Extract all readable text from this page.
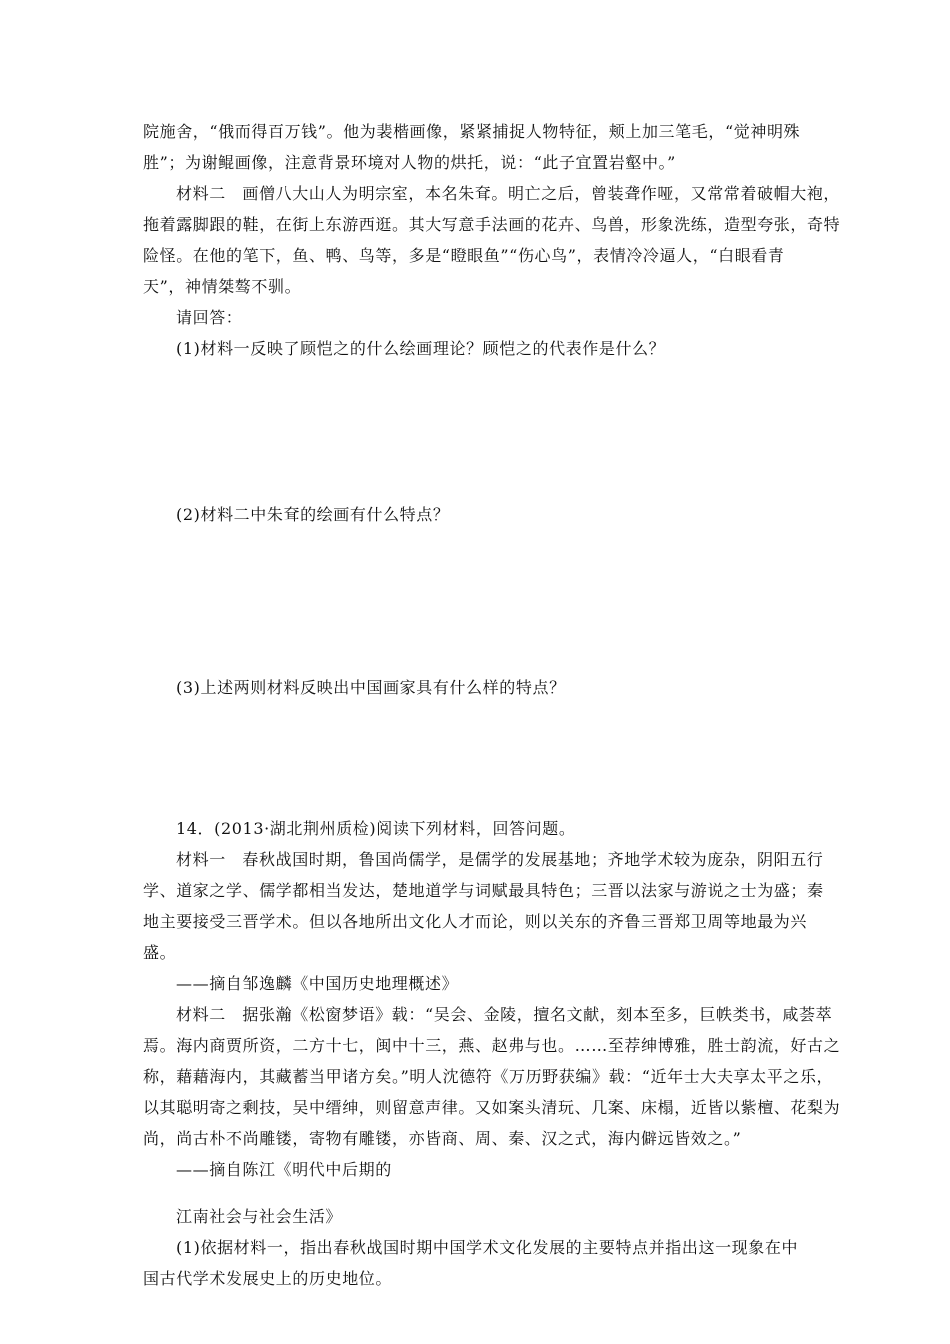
院施舍，“俄而得百万钱”。他为裴楷画像，紧紧捕捉人物特征，颊上加三笔毛，“觉神明殊
胜”；为谢鲲画像，注意背景环境对人物的烘托，说：“此子宜置岩壑中。”
材料二　画僧八大山人为明宗室，本名朱耷。明亡之后，曾装聋作哑，又常常着破帽大袍，
拖着露脚跟的鞋，在街上东游西逛。其大写意手法画的花卉、鸟兽，形象洗练，造型夸张，奇特
险怪。在他的笔下，鱼、鸭、鸟等，多是“瞪眼鱼”“伤心鸟”，表情冷冷逼人，“白眼看青
天”，神情桀骜不驯。
请回答：
(1)材料一反映了顾恺之的什么绘画理论？顾恺之的代表作是什么？
(2)材料二中朱耷的绘画有什么特点？
(3)上述两则材料反映出中国画家具有什么样的特点？
14．(2013·湖北荆州质检)阅读下列材料，回答问题。
材料一　春秋战国时期，鲁国尚儒学，是儒学的发展基地；齐地学术较为庞杂，阴阳五行
学、道家之学、儒学都相当发达，楚地道学与词赋最具特色；三晋以法家与游说之士为盛；秦
地主要接受三晋学术。但以各地所出文化人才而论，则以关东的齐鲁三晋郑卫周等地最为兴
盛。
——摘自邹逸麟《中国历史地理概述》
材料二　据张瀚《松窗梦语》载：“吴会、金陵，擅名文献，刻本至多，巨帙类书，咸荟萃
焉。海内商贾所资，二方十七，闽中十三，燕、赵弗与也。……至荐绅博雅，胜士韵流，好古之
称，藉藉海内，其藏蓄当甲诸方矣。”明人沈德符《万历野获编》载：“近年士大夫享太平之乐，
以其聪明寄之剩技，吴中缙绅，则留意声律。又如案头清玩、几案、床榻，近皆以紫檀、花梨为
尚，尚古朴不尚雕镂，寄物有雕镂，亦皆商、周、秦、汉之式，海内僻远皆效之。”
——摘自陈江《明代中后期的
江南社会与社会生活》
(1)依据材料一，指出春秋战国时期中国学术文化发展的主要特点并指出这一现象在中
国古代学术发展史上的历史地位。
